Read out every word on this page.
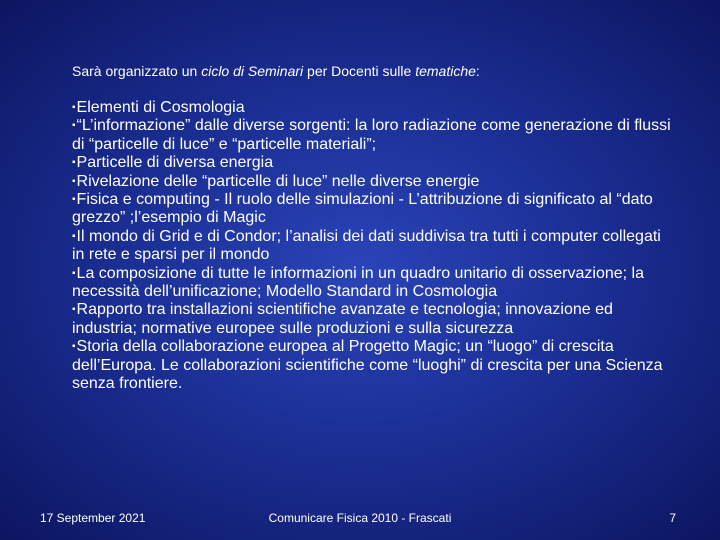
Sarà organizzato un ciclo di Seminari per Docenti sulle tematiche:
▪Elementi di Cosmologia
▪“L’informazione” dalle diverse sorgenti: la loro radiazione come generazione di flussi di “particelle di luce” e “particelle materiali”;
▪Particelle di diversa energia
▪Rivelazione delle “particelle di luce” nelle diverse energie
▪Fisica e computing - Il ruolo delle simulazioni - L’attribuzione di significato al “dato grezzo” ;l’esempio di Magic
▪Il mondo di Grid e di Condor; l’analisi dei dati suddivisa tra tutti i computer collegati in rete e sparsi per il mondo
▪La composizione di tutte le informazioni in un quadro unitario di osservazione; la necessità dell’unificazione; Modello Standard in Cosmologia
▪Rapporto tra installazioni scientifiche avanzate e tecnologia; innovazione ed industria; normative europee sulle produzioni e sulla sicurezza
▪Storia della collaborazione europea al Progetto Magic; un “luogo” di crescita dell’Europa. Le collaborazioni scientifiche come “luoghi” di crescita per una Scienza senza frontiere.
17 September 2021	Comunicare Fisica 2010 - Frascati	7
